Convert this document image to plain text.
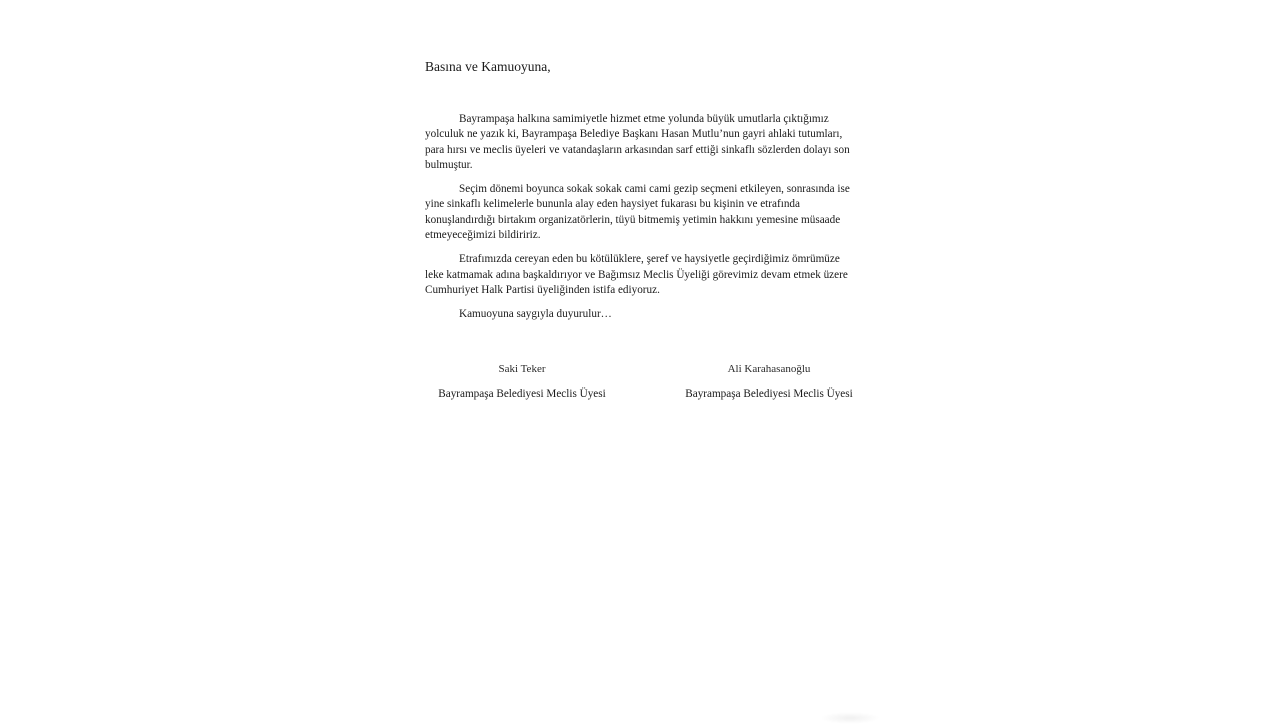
Basına ve Kamuoyuna,

Bayrampaşa halkına samimiyetle hizmet etme yolunda büyük umutlarla çıktığımız yolculuk ne yazık ki, Bayrampaşa Belediye Başkanı Hasan Mutlu’nun gayri ahlaki tutumları, para hırsı ve meclis üyeleri ve vatandaşların arkasından sarf ettiği sinkaflı sözlerden dolayı son bulmuştur.

Seçim dönemi boyunca sokak sokak cami cami gezip seçmeni etkileyen, sonrasında ise yine sinkaflı kelimelerle bununla alay eden haysiyet fukarası bu kişinin ve etrafında konuşlandırdığı birtakım organizatörlerin, tüyü bitmemiş yetimin hakkını yemesine müsaade etmeyeceğimizi bildiririz.

Etrafımızda cereyan eden bu kötülüklere, şeref ve haysiyetle geçirdiğimiz ömrümüze leke katmamak adına başkaldırıyor ve Bağımsız Meclis Üyeliği görevimiz devam etmek üzere Cumhuriyet Halk Partisi üyeliğinden istifa ediyoruz.

Kamuoyuna saygıyla duyurulur…

Saki Teker

Bayrampaşa Belediyesi Meclis Üyesi

Ali Karahasanoğlu

Bayrampaşa Belediyesi Meclis Üyesi
